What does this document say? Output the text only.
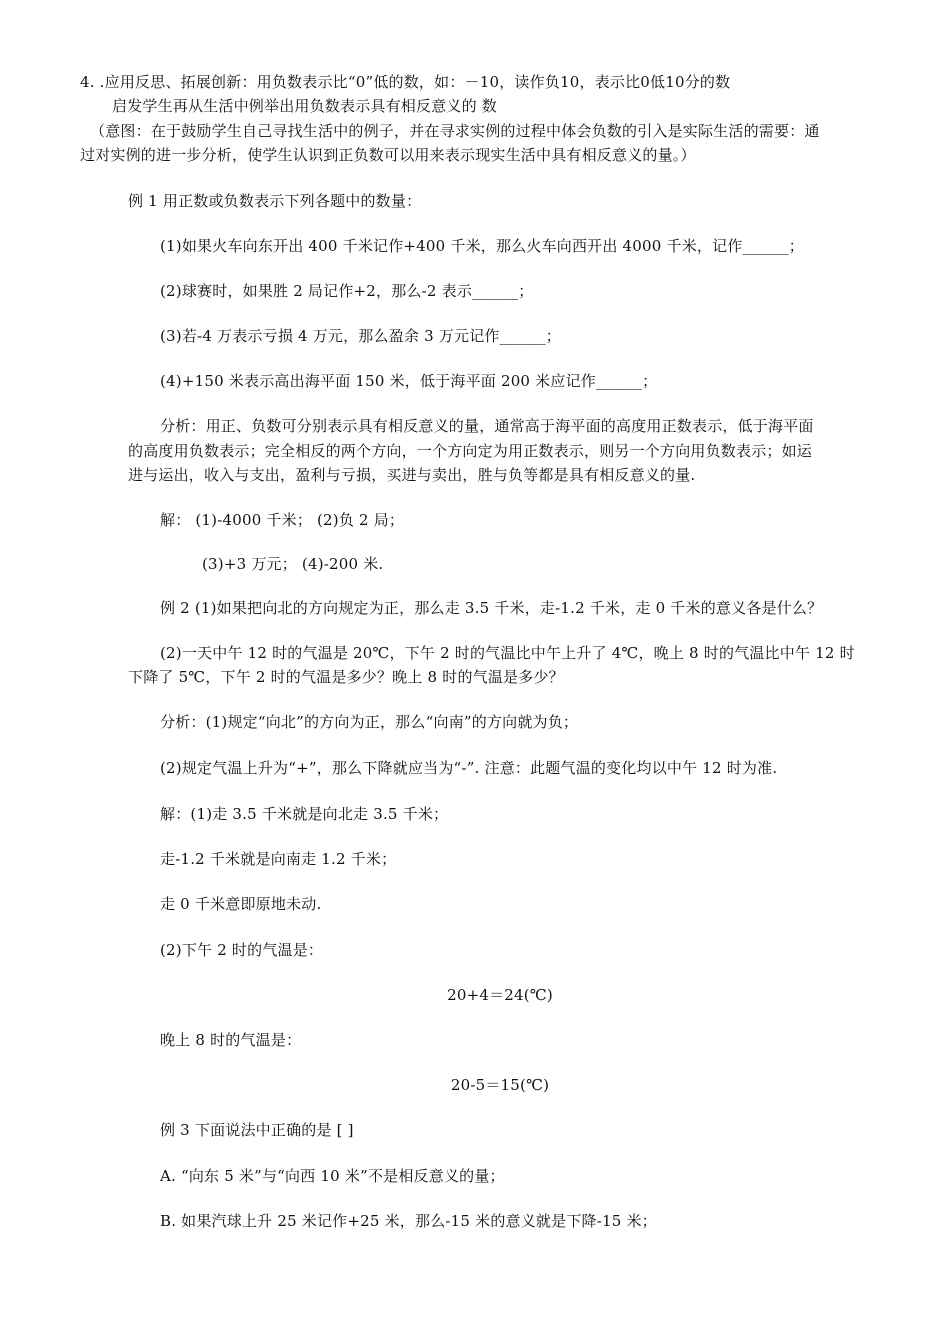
4. .应用反思、拓展创新：用负数表示比“0”低的数，如：－10，读作负10，表示比0低10分的数
启发学生再从生活中例举出用负数表示具有相反意义的 数
（意图：在于鼓励学生自己寻找生活中的例子，并在寻求实例的过程中体会负数的引入是实际生活的需要：通
过对实例的进一步分析，使学生认识到正负数可以用来表示现实生活中具有相反意义的量。）
例 1 用正数或负数表示下列各题中的数量：
(1)如果火车向东开出 400 千米记作+400 千米，那么火车向西开出 4000 千米，记作______；
(2)球赛时，如果胜 2 局记作+2，那么-2 表示______；
(3)若-4 万表示亏损 4 万元，那么盈余 3 万元记作______；
(4)+150 米表示高出海平面 150 米，低于海平面 200 米应记作______；
分析：用正、负数可分别表示具有相反意义的量，通常高于海平面的高度用正数表示，低于海平面
的高度用负数表示；完全相反的两个方向，一个方向定为用正数表示，则另一个方向用负数表示；如运
进与运出，收入与支出，盈利与亏损，买进与卖出，胜与负等都是具有相反意义的量.
解： (1)-4000 千米； (2)负 2 局；
(3)+3 万元； (4)-200 米.
例 2 (1)如果把向北的方向规定为正，那么走 3.5 千米，走-1.2 千米，走 0 千米的意义各是什么？
(2)一天中午 12 时的气温是 20℃，下午 2 时的气温比中午上升了 4℃，晚上 8 时的气温比中午 12 时
下降了 5℃，下午 2 时的气温是多少？晚上 8 时的气温是多少？
分析：(1)规定“向北”的方向为正，那么“向南”的方向就为负；
(2)规定气温上升为“+”，那么下降就应当为“-”. 注意：此题气温的变化均以中午 12 时为准.
解：(1)走 3.5 千米就是向北走 3.5 千米；
走-1.2 千米就是向南走 1.2 千米；
走 0 千米意即原地未动.
(2)下午 2 时的气温是：
20+4＝24(℃)
晚上 8 时的气温是：
20-5＝15(℃)
例 3 下面说法中正确的是 [ ]
A. “向东 5 米”与“向西 10 米”不是相反意义的量；
B. 如果汽球上升 25 米记作+25 米，那么-15 米的意义就是下降-15 米；
